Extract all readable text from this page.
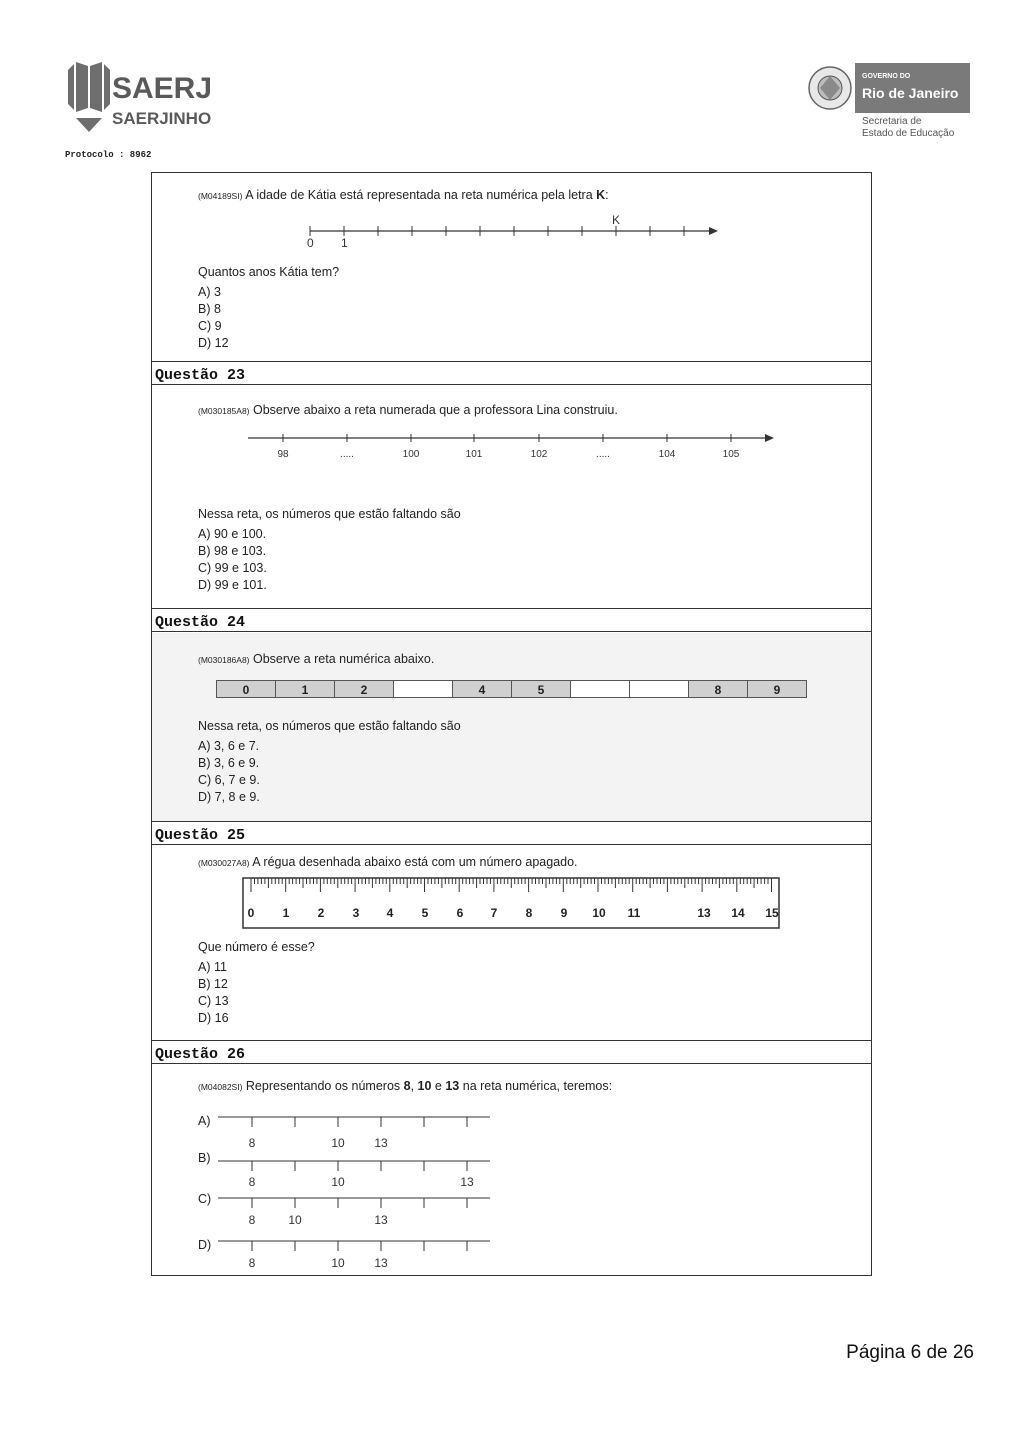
SAERJ
SAERJINHO
GOVERNO DO
Rio de Janeiro
Secretaria de
Estado de Educação
Protocolo : 8962
(M04189SI) A idade de Kátia está representada na reta numérica pela letra K:
0 1
K
Quantos anos Kátia tem?
A) 3
B) 8
C) 9
D) 12
Questão 23
(M030185A8) Observe abaixo a reta numerada que a professora Lina construiu.
98	.....	100	101	102	.....	104	105
Nessa reta, os números que estão faltando são
A) 90 e 100.
B) 98 e 103.
C) 99 e 103.
D) 99 e 101.
Questão 24
(M030186A8) Observe a reta numérica abaixo.
0	1	2	4	5	8	9
Nessa reta, os números que estão faltando são
A) 3, 6 e 7.
B) 3, 6 e 9.
C) 6, 7 e 9.
D) 7, 8 e 9.
Questão 25
(M030027A8) A régua desenhada abaixo está com um número apagado.
0 1 2 3 4 5 6 7 8 9 10 11	13 14 15
Que número é esse?
A) 11
B) 12
C) 13
D) 16
Questão 26
(M04082SI) Representando os números 8, 10 e 13 na reta numérica, teremos:
A)
8	10 13
B)
8	10	13
C)
8	10	13
D)
8	10 13
Página 6 de 26
